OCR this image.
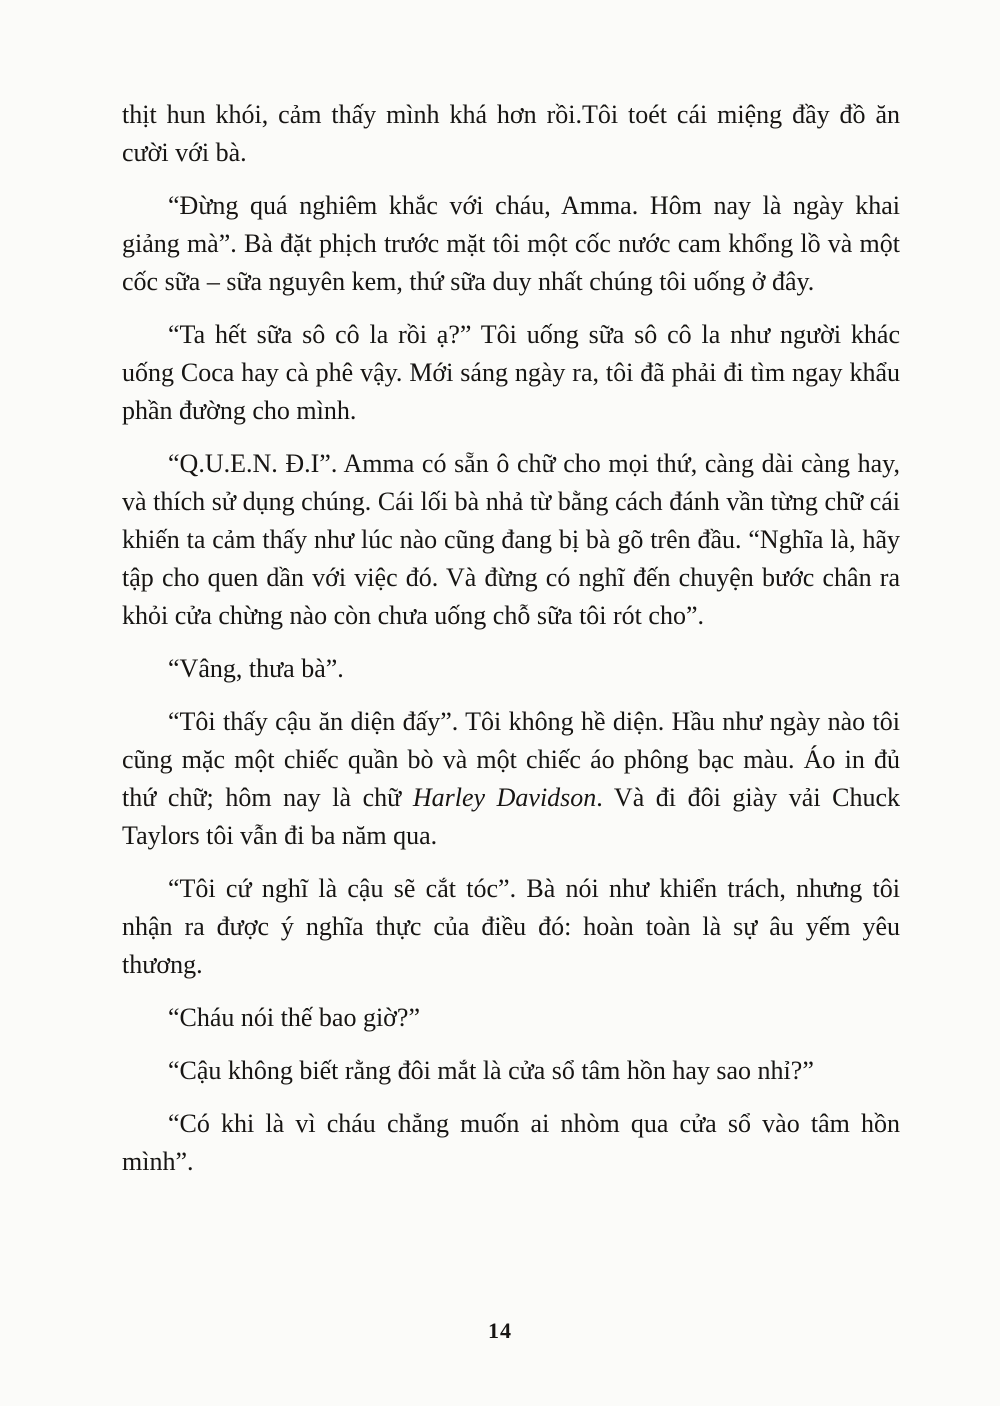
thịt hun khói, cảm thấy mình khá hơn rồi.Tôi toét cái miệng đầy đồ ăn cười với bà.

“Đừng quá nghiêm khắc với cháu, Amma. Hôm nay là ngày khai giảng mà”. Bà đặt phịch trước mặt tôi một cốc nước cam khổng lồ và một cốc sữa – sữa nguyên kem, thứ sữa duy nhất chúng tôi uống ở đây.

“Ta hết sữa sô cô la rồi ạ?” Tôi uống sữa sô cô la như người khác uống Coca hay cà phê vậy. Mới sáng ngày ra, tôi đã phải đi tìm ngay khẩu phần đường cho mình.

“Q.U.E.N. Đ.I”. Amma có sẵn ô chữ cho mọi thứ, càng dài càng hay, và thích sử dụng chúng. Cái lối bà nhả từ bằng cách đánh vần từng chữ cái khiến ta cảm thấy như lúc nào cũng đang bị bà gõ trên đầu. “Nghĩa là, hãy tập cho quen dần với việc đó. Và đừng có nghĩ đến chuyện bước chân ra khỏi cửa chừng nào còn chưa uống chỗ sữa tôi rót cho”.

“Vâng, thưa bà”.

“Tôi thấy cậu ăn diện đấy”. Tôi không hề diện. Hầu như ngày nào tôi cũng mặc một chiếc quần bò và một chiếc áo phông bạc màu. Áo in đủ thứ chữ; hôm nay là chữ Harley Davidson. Và đi đôi giày vải Chuck Taylors tôi vẫn đi ba năm qua.

“Tôi cứ nghĩ là cậu sẽ cắt tóc”. Bà nói như khiển trách, nhưng tôi nhận ra được ý nghĩa thực của điều đó: hoàn toàn là sự âu yếm yêu thương.

“Cháu nói thế bao giờ?”

“Cậu không biết rằng đôi mắt là cửa sổ tâm hồn hay sao nhỉ?”

“Có khi là vì cháu chẳng muốn ai nhòm qua cửa sổ vào tâm hồn mình”.

14
